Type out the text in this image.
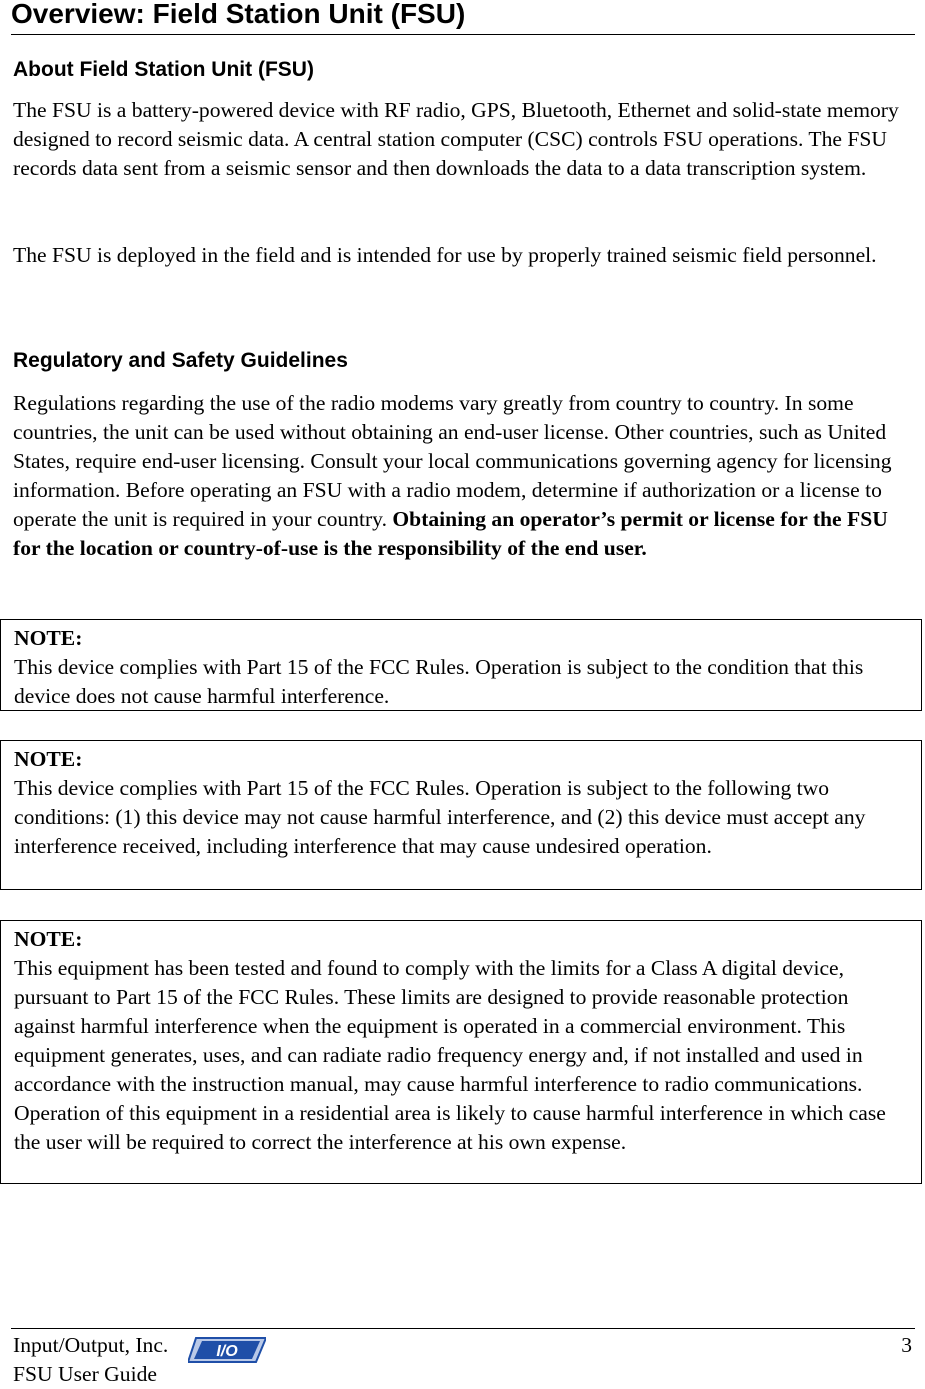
Overview: Field Station Unit (FSU)
About Field Station Unit (FSU)

The FSU is a battery-powered device with RF radio, GPS, Bluetooth, Ethernet and solid-state memory designed to record seismic data. A central station computer (CSC) controls FSU operations. The FSU records data sent from a seismic sensor and then downloads the data to a data transcription system.

The FSU is deployed in the field and is intended for use by properly trained seismic field personnel.

Regulatory and Safety Guidelines

Regulations regarding the use of the radio modems vary greatly from country to country. In some countries, the unit can be used without obtaining an end-user license. Other countries, such as United States, require end-user licensing. Consult your local communications governing agency for licensing information. Before operating an FSU with a radio modem, determine if authorization or a license to operate the unit is required in your country. Obtaining an operator’s permit or license for the FSU for the location or country-of-use is the responsibility of the end user.

NOTE:
This device complies with Part 15 of the FCC Rules. Operation is subject to the condition that this device does not cause harmful interference.
NOTE:
This device complies with Part 15 of the FCC Rules. Operation is subject to the following two conditions: (1) this device may not cause harmful interference, and (2) this device must accept any interference received, including interference that may cause undesired operation.
NOTE:
This equipment has been tested and found to comply with the limits for a Class A digital device, pursuant to Part 15 of the FCC Rules. These limits are designed to provide reasonable protection against harmful interference when the equipment is operated in a commercial environment. This equipment generates, uses, and can radiate radio frequency energy and, if not installed and used in accordance with the instruction manual, may cause harmful interference to radio communications. Operation of this equipment in a residential area is likely to cause harmful interference in which case the user will be required to correct the interference at his own expense.
Input/Output, Inc.
FSU User Guide
I/O	3
